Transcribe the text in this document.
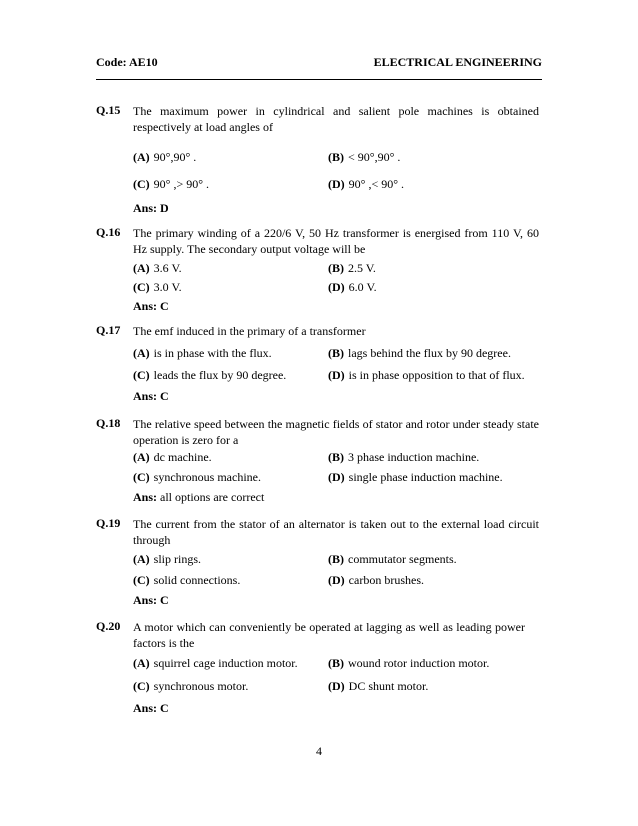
Code: AE10	ELECTRICAL ENGINEERING
Q.15 The maximum power in cylindrical and salient pole machines is obtained respectively at load angles of
(A) 90°,90° .	(B) < 90°,90° .
(C) 90° ,> 90° .	(D) 90° ,< 90° .
Ans: D
Q.16 The primary winding of a 220/6 V, 50 Hz transformer is energised from 110 V, 60 Hz supply. The secondary output voltage will be
(A) 3.6 V.	(B) 2.5 V.
(C) 3.0 V.	(D) 6.0 V.
Ans: C
Q.17 The emf induced in the primary of a transformer
(A) is in phase with the flux.	(B) lags behind the flux by 90 degree.
(C) leads the flux by 90 degree.	(D) is in phase opposition to that of flux.
Ans: C
Q.18 The relative speed between the magnetic fields of stator and rotor under steady state operation is zero for a
(A) dc machine.	(B) 3 phase induction machine.
(C) synchronous machine.	(D) single phase induction machine.
Ans: all options are correct
Q.19 The current from the stator of an alternator is taken out to the external load circuit through
(A) slip rings.	(B) commutator segments.
(C) solid connections.	(D) carbon brushes.
Ans: C
Q.20 A motor which can conveniently be operated at lagging as well as leading power factors is the
(A) squirrel cage induction motor.	(B) wound rotor induction motor.
(C) synchronous motor.	(D) DC shunt motor.
Ans: C
4
